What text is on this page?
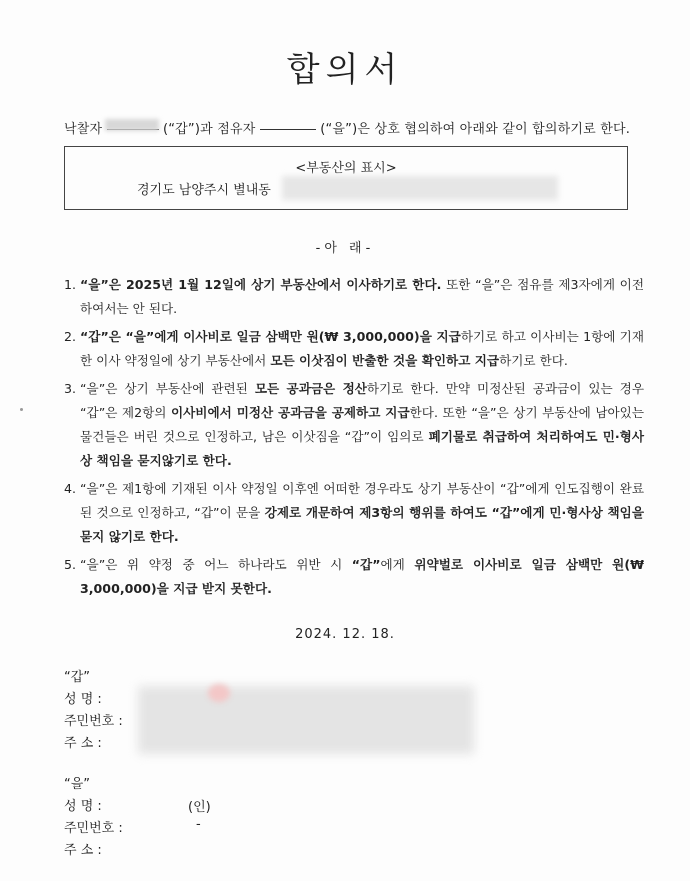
합의서
낙찰자	(“갑”)과 점유자	(“을”)은 상호 협의하여 아래와 같이 합의하기로 한다.
<부동산의 표시>
경기도 남양주시 별내동
-아 래-
1. “을”은 2025년 1월 12일에 상기 부동산에서 이사하기로 한다. 또한 “을”은 점유를 제3자에게 이전하여서는 안 된다.
2. “갑”은 “을”에게 이사비로 일금 삼백만 원(₩ 3,000,000)을 지급하기로 하고 이사비는 1항에 기재한 이사 약정일에 상기 부동산에서 모든 이삿짐이 반출한 것을 확인하고 지급하기로 한다.
3. “을”은 상기 부동산에 관련된 모든 공과금은 정산하기로 한다. 만약 미정산된 공과금이 있는 경우 “갑”은 제2항의 이사비에서 미정산 공과금을 공제하고 지급한다. 또한 “을”은 상기 부동산에 남아있는 물건들은 버린 것으로 인정하고, 남은 이삿짐을 “갑”이 임의로 폐기물로 취급하여 처리하여도 민·형사상 책임을 묻지않기로 한다.
4. “을”은 제1항에 기재된 이사 약정일 이후엔 어떠한 경우라도 상기 부동산이 “갑”에게 인도집행이 완료된 것으로 인정하고, “갑”이 문을 강제로 개문하여 제3항의 행위를 하여도 “갑”에게 민·형사상 책임을 묻지 않기로 한다.
5. “을”은 위 약정 중 어느 하나라도 위반 시 “갑”에게 위약벌로 이사비로 일금 삼백만 원(₩ 3,000,000)을 지급 받지 못한다.
2024. 12. 18.
“갑”
성 명 :
주민번호 :
주 소 :
“을”
성 명 :
주민번호 :
주 소 :
(인)
-
